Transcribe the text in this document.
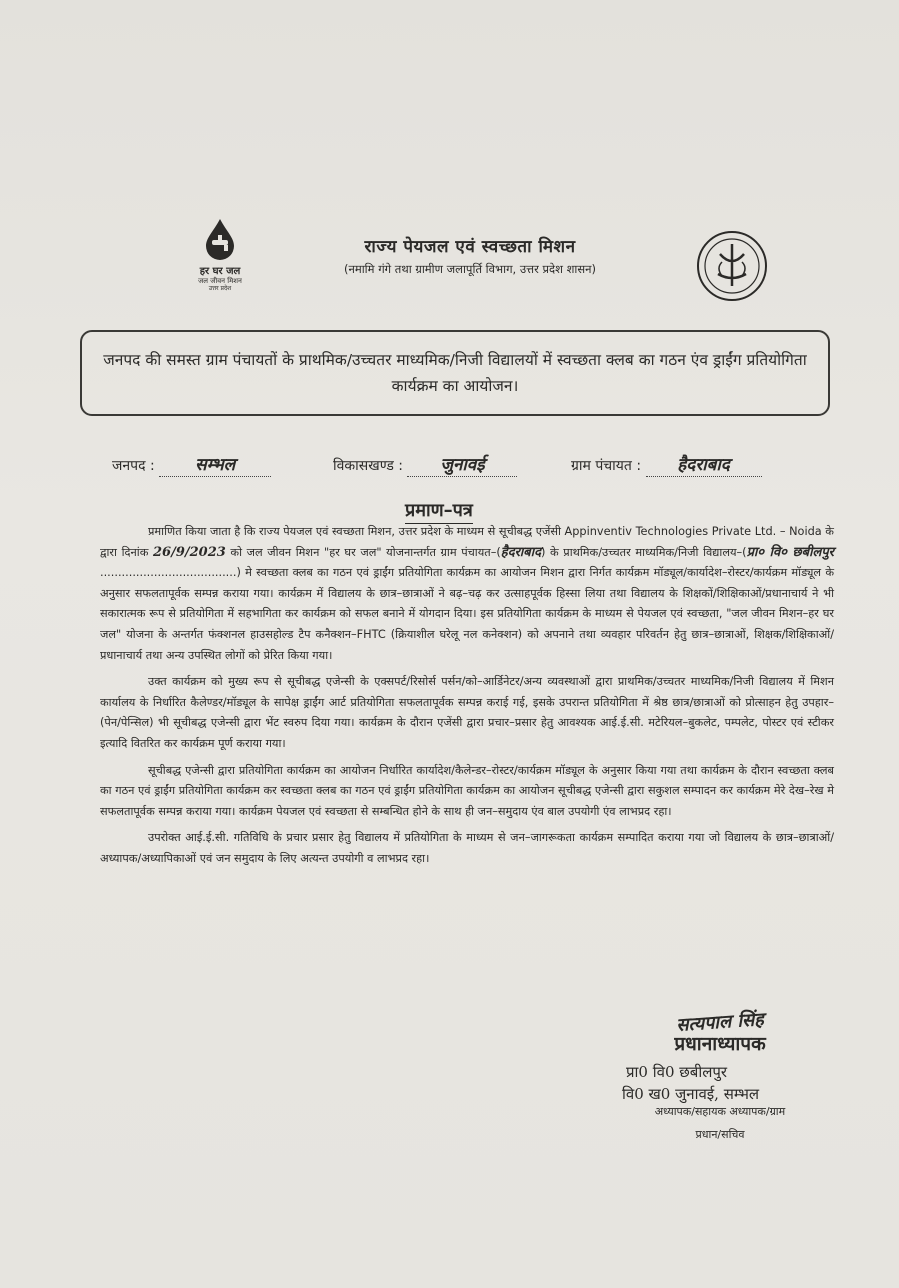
हर घर जल
जल जीवन मिशन
उत्तर प्रदेश
राज्य पेयजल एवं स्वच्छता मिशन
(नमामि गंगे तथा ग्रामीण जलापूर्ति विभाग, उत्तर प्रदेश शासन)
जनपद की समस्त ग्राम पंचायतों के प्राथमिक/उच्चतर माध्यमिक/निजी विद्यालयों में स्वच्छता क्लब का गठन एंव ड्राईंग प्रतियोगिता कार्यक्रम का आयोजन।
जनपद : सम्भल	विकासखण्ड : जुनावई	ग्राम पंचायत : हैदराबाद
प्रमाण–पत्र

प्रमाणित किया जाता है कि राज्य पेयजल एवं स्वच्छता मिशन, उत्तर प्रदेश के माध्यम से सूचीबद्ध एजेंसी Appinventiv Technologies Private Ltd. – Noida के द्वारा दिनांक 26/9/2023 को जल जीवन मिशन "हर घर जल" योजनान्तर्गत ग्राम पंचायत–(हैदराबाद) के प्राथमिक/उच्चतर माध्यमिक/निजी विद्यालय–(प्रा० वि० छबीलपुर ......................................) मे स्वच्छता क्लब का गठन एवं ड्राईंग प्रतियोगिता कार्यक्रम का आयोजन मिशन द्वारा निर्गत कार्यक्रम मॉड्यूल/कार्यादेश–रोस्टर/कार्यक्रम मॉड्यूल के अनुसार सफलतापूर्वक सम्पन्न कराया गया। कार्यक्रम में विद्यालय के छात्र–छात्राओं ने बढ़–चढ़ कर उत्साहपूर्वक हिस्सा लिया तथा विद्यालय के शिक्षकों/शिक्षिकाओं/प्रधानाचार्य ने भी सकारात्मक रूप से प्रतियोगिता में सहभागिता कर कार्यक्रम को सफल बनाने में योगदान दिया। इस प्रतियोगिता कार्यक्रम के माध्यम से पेयजल एवं स्वच्छता, "जल जीवन मिशन–हर घर जल" योजना के अन्तर्गत फंक्शनल हाउसहोल्ड टैप कनैक्शन–FHTC (क्रियाशील घरेलू नल कनेक्शन) को अपनाने तथा व्यवहार परिवर्तन हेतु छात्र–छात्राओं, शिक्षक/शिक्षिकाओं/प्रधानाचार्य तथा अन्य उपस्थित लोगों को प्रेरित किया गया।

उक्त कार्यक्रम को मुख्य रूप से सूचीबद्ध एजेन्सी के एक्सपर्ट/रिसोर्स पर्सन/को–आर्डिनेटर/अन्य व्यवस्थाओं द्वारा प्राथमिक/उच्चतर माध्यमिक/निजी विद्यालय में मिशन कार्यालय के निर्धारित कैलेण्डर/मॉड्यूल के सापेक्ष ड्राईंग आर्ट प्रतियोगिता सफलतापूर्वक सम्पन्न कराई गई, इसके उपरान्त प्रतियोगिता में श्रेष्ठ छात्र/छात्राओं को प्रोत्साहन हेतु उपहार–(पेन/पेन्सिल) भी सूचीबद्ध एजेन्सी द्वारा भेंट स्वरुप दिया गया। कार्यक्रम के दौरान एजेंसी द्वारा प्रचार–प्रसार हेतु आवश्यक आई.ई.सी. मटेरियल–बुकलेट, पम्पलेट, पोस्टर एवं स्टीकर इत्यादि वितरित कर कार्यक्रम पूर्ण कराया गया।

सूचीबद्ध एजेन्सी द्वारा प्रतियोगिता कार्यक्रम का आयोजन निर्धारित कार्यादेश/कैलेन्डर–रोस्टर/कार्यक्रम मॉड्यूल के अनुसार किया गया तथा कार्यक्रम के दौरान स्वच्छता क्लब का गठन एवं ड्राईंग प्रतियोगिता कार्यक्रम कर स्वच्छता क्लब का गठन एवं ड्राईंग प्रतियोगिता कार्यक्रम का आयोजन सूचीबद्ध एजेन्सी द्वारा सकुशल सम्पादन कर कार्यक्रम मेरे देख–रेख मे सफलतापूर्वक सम्पन्न कराया गया। कार्यक्रम पेयजल एवं स्वच्छता से सम्बन्धित होने के साथ ही जन–समुदाय एंव बाल उपयोगी एंव लाभप्रद रहा।

उपरोक्त आई.ई.सी. गतिविधि के प्रचार प्रसार हेतु विद्यालय में प्रतियोगिता के माध्यम से जन–जागरूकता कार्यक्रम सम्पादित कराया गया जो विद्यालय के छात्र–छात्राओं/अध्यापक/अध्यापिकाओं एवं जन समुदाय के लिए अत्यन्त उपयोगी व लाभप्रद रहा।

सत्यपाल सिंह
प्रधानाध्यापक
प्रा0 वि0 छबीलपुर
वि0 ख0 जुनावई, सम्भल
अध्यापक/सहायक अध्यापक/ग्राम
प्रधान/सचिव
